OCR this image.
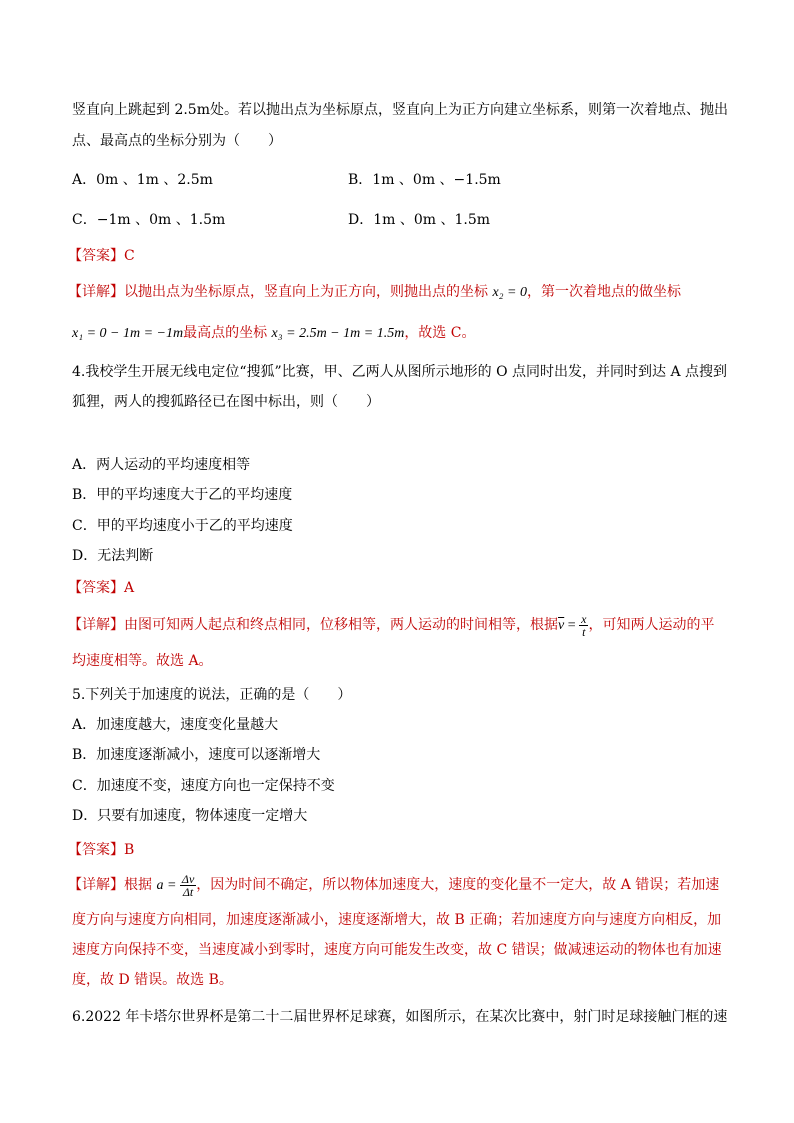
竖直向上跳起到 2.5m处。若以抛出点为坐标原点，竖直向上为正方向建立坐标系，则第一次着地点、抛出
点、最高点的坐标分别为（　　）
A．0m 、1m 、2.5m	B．1m 、0m 、−1.5m
C．−1m 、0m 、1.5m	D．1m 、0m 、1.5m
【答案】C
【详解】以抛出点为坐标原点，竖直向上为正方向，则抛出点的坐标 x₂ = 0，第一次着地点的做坐标
x₁ = 0 − 1m = −1m最高点的坐标 x₃ = 2.5m − 1m = 1.5m，故选 C。
4.我校学生开展无线电定位“搜狐”比赛，甲、乙两人从图所示地形的 O 点同时出发，并同时到达 A 点搜到
狐狸，两人的搜狐路径已在图中标出，则（　　）
A．两人运动的平均速度相等
B．甲的平均速度大于乙的平均速度
C．甲的平均速度小于乙的平均速度
D．无法判断
【答案】A
【详解】由图可知两人起点和终点相同，位移相等，两人运动的时间相等，根据$\overline{v} = \frac{x}{t}$ ，可知两人运动的平
均速度相等。故选 A。
5.下列关于加速度的说法，正确的是（　　）
A．加速度越大，速度变化量越大
B．加速度逐渐减小，速度可以逐渐增大
C．加速度不变，速度方向也一定保持不变
D．只要有加速度，物体速度一定增大
【答案】B
【详解】根据 $a = \frac{\Delta v}{\Delta t}$ ，因为时间不确定，所以物体加速度大，速度的变化量不一定大，故 A 错误；若加速
度方向与速度方向相同，加速度逐渐减小，速度逐渐增大，故 B 正确；若加速度方向与速度方向相反，加
速度方向保持不变，当速度减小到零时，速度方向可能发生改变，故 C 错误；做减速运动的物体也有加速
度，故 D 错误。故选 B。
6.2022 年卡塔尔世界杯是第二十二届世界杯足球赛，如图所示，在某次比赛中，射门时足球接触门框的速
